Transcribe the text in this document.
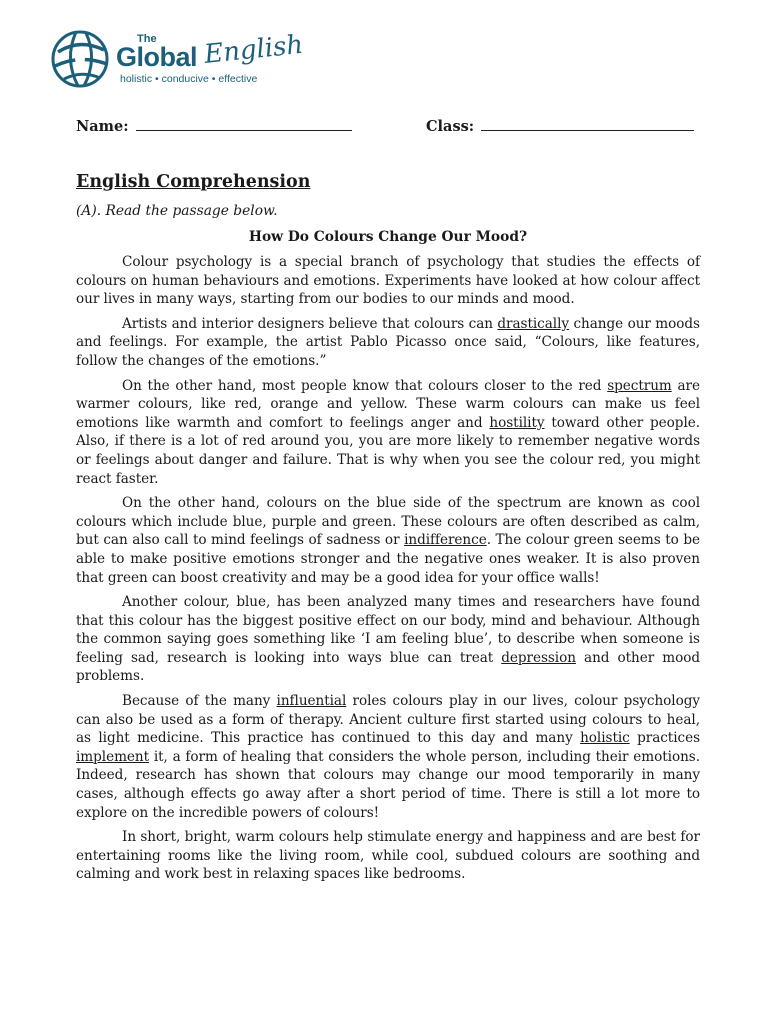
The
Global English
holistic • conducive • effective
Name:	Class:
English Comprehension
(A). Read the passage below.
How Do Colours Change Our Mood?

Colour psychology is a special branch of psychology that studies the effects of colours on human behaviours and emotions. Experiments have looked at how colour affect our lives in many ways, starting from our bodies to our minds and mood.

Artists and interior designers believe that colours can drastically change our moods and feelings. For example, the artist Pablo Picasso once said, “Colours, like features, follow the changes of the emotions.”

On the other hand, most people know that colours closer to the red spectrum are warmer colours, like red, orange and yellow. These warm colours can make us feel emotions like warmth and comfort to feelings anger and hostility toward other people. Also, if there is a lot of red around you, you are more likely to remember negative words or feelings about danger and failure. That is why when you see the colour red, you might react faster.

On the other hand, colours on the blue side of the spectrum are known as cool colours which include blue, purple and green. These colours are often described as calm, but can also call to mind feelings of sadness or indifference. The colour green seems to be able to make positive emotions stronger and the negative ones weaker. It is also proven that green can boost creativity and may be a good idea for your office walls!

Another colour, blue, has been analyzed many times and researchers have found that this colour has the biggest positive effect on our body, mind and behaviour. Although the common saying goes something like ‘I am feeling blue’, to describe when someone is feeling sad, research is looking into ways blue can treat depression and other mood problems.

Because of the many influential roles colours play in our lives, colour psychology can also be used as a form of therapy. Ancient culture first started using colours to heal, as light medicine. This practice has continued to this day and many holistic practices implement it, a form of healing that considers the whole person, including their emotions. Indeed, research has shown that colours may change our mood temporarily in many cases, although effects go away after a short period of time. There is still a lot more to explore on the incredible powers of colours!

In short, bright, warm colours help stimulate energy and happiness and are best for entertaining rooms like the living room, while cool, subdued colours are soothing and calming and work best in relaxing spaces like bedrooms.
